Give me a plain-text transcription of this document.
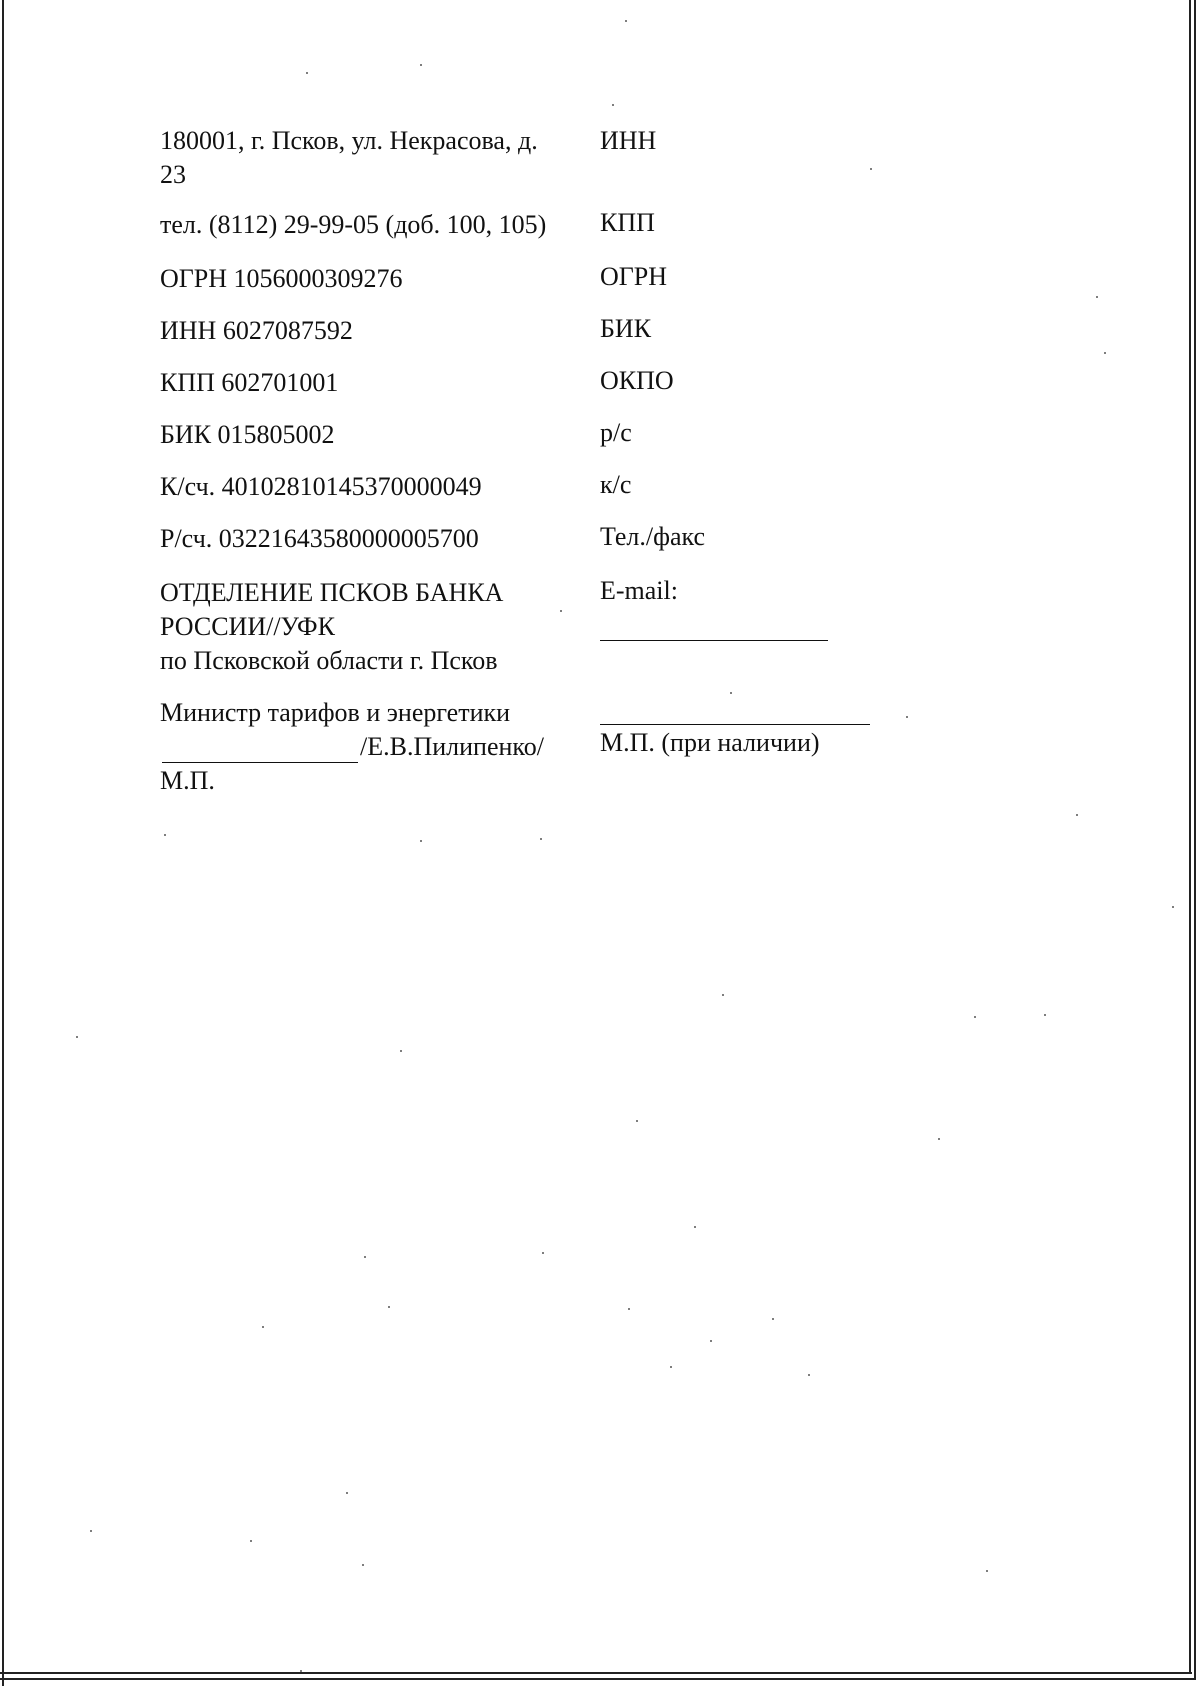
180001, г. Псков, ул. Некрасова, д.
23
тел. (8112) 29-99-05 (доб. 100, 105)
ОГРН 1056000309276
ИНН 6027087592
КПП 602701001
БИК 015805002
К/сч. 40102810145370000049
Р/сч. 03221643580000005700
ОТДЕЛЕНИЕ ПСКОВ БАНКА
РОССИИ//УФК
по Псковской области г. Псков
Министр тарифов и энергетики
/Е.В.Пилипенко/
М.П.
ИНН
КПП
ОГРН
БИК
ОКПО
р/с
к/с
Тел./факс
E-mail:
М.П. (при наличии)
